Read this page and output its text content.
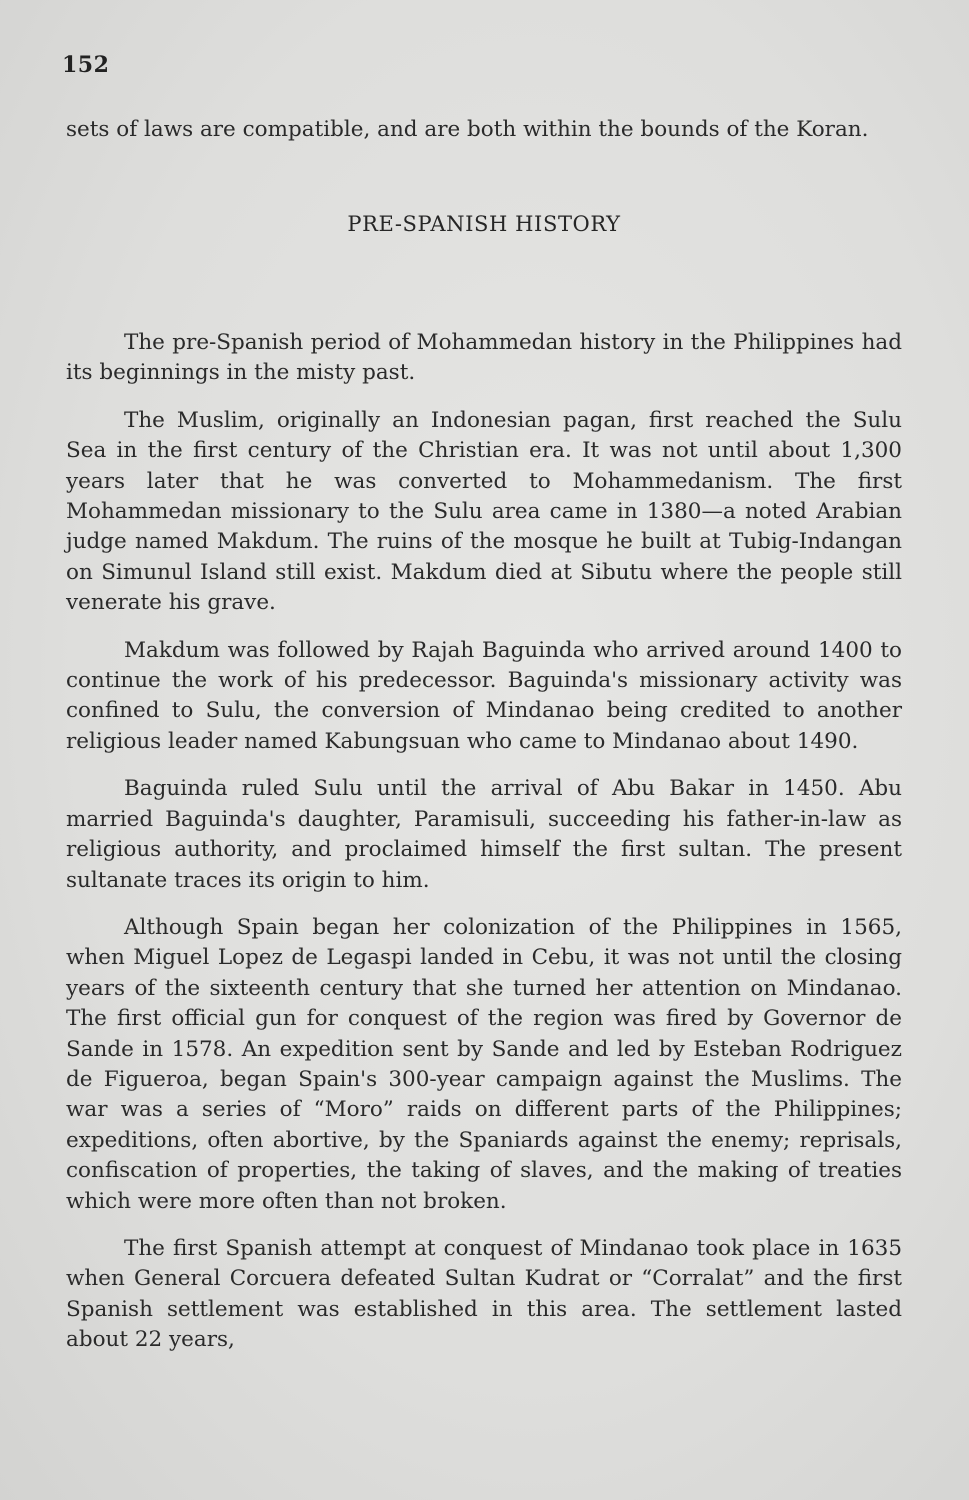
152

sets of laws are compatible, and are both within the bounds of the Koran.

PRE-SPANISH HISTORY

The pre-Spanish period of Mohammedan history in the Philippines had its beginnings in the misty past.

The Muslim, originally an Indonesian pagan, first reached the Sulu Sea in the first century of the Christian era. It was not until about 1,300 years later that he was converted to Mohammedanism. The first Mohammedan missionary to the Sulu area came in 1380—a noted Arabian judge named Makdum. The ruins of the mosque he built at Tubig-Indangan on Simunul Island still exist. Makdum died at Sibutu where the people still venerate his grave.

Makdum was followed by Rajah Baguinda who arrived around 1400 to continue the work of his predecessor. Baguinda's missionary activity was confined to Sulu, the conversion of Mindanao being credited to another religious leader named Kabungsuan who came to Mindanao about 1490.

Baguinda ruled Sulu until the arrival of Abu Bakar in 1450. Abu married Baguinda's daughter, Paramisuli, succeeding his father-in-law as religious authority, and proclaimed himself the first sultan. The present sultanate traces its origin to him.

Although Spain began her colonization of the Philippines in 1565, when Miguel Lopez de Legaspi landed in Cebu, it was not until the closing years of the sixteenth century that she turned her attention on Mindanao. The first official gun for conquest of the region was fired by Governor de Sande in 1578. An expedition sent by Sande and led by Esteban Rodriguez de Figueroa, began Spain's 300-year campaign against the Muslims. The war was a series of “Moro” raids on different parts of the Philippines; expeditions, often abortive, by the Spaniards against the enemy; reprisals, confiscation of properties, the taking of slaves, and the making of treaties which were more often than not broken.

The first Spanish attempt at conquest of Mindanao took place in 1635 when General Corcuera defeated Sultan Kudrat or “Corralat” and the first Spanish settlement was established in this area. The settlement lasted about 22 years,
